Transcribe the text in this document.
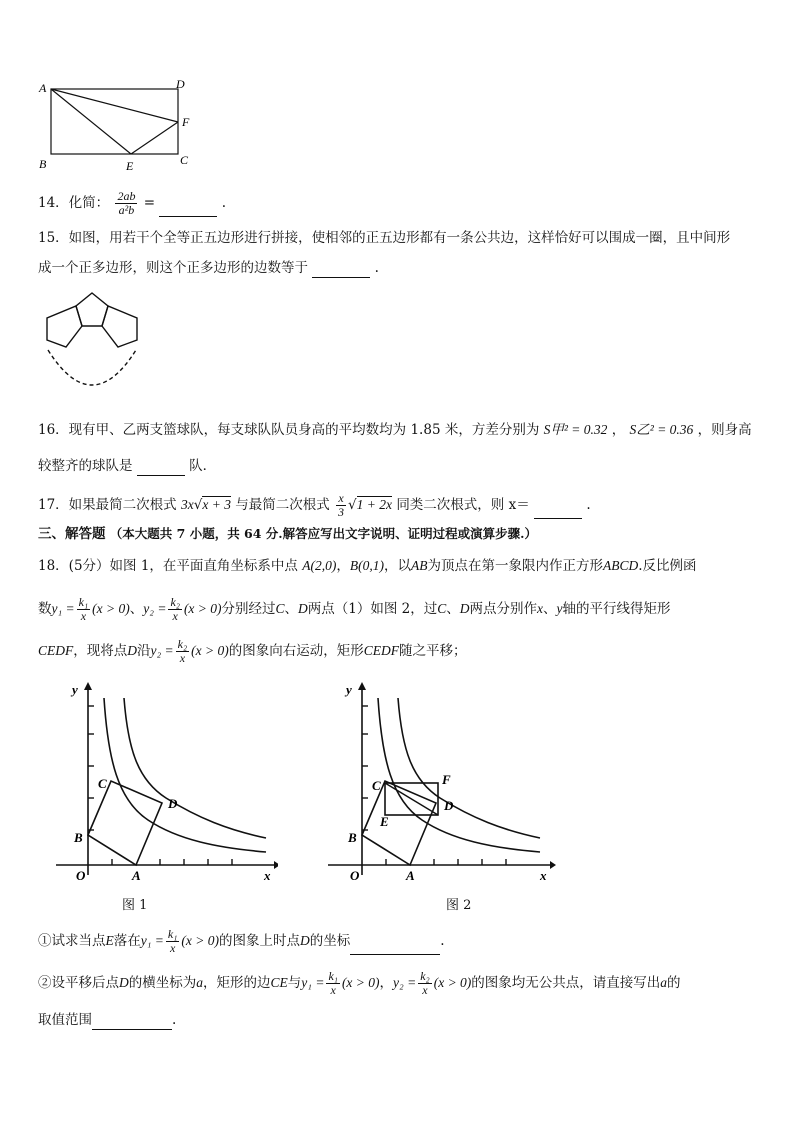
A	D
F
B	E	C
14．化简： $\frac{2ab}{\text{a²b}}$ =	.
15．如图，用若干个全等正五边形进行拼接，使相邻的正五边形都有一条公共边，这样恰好可以围成一圈，且中间形
成一个正多边形，则这个正多边形的边数等于	.
16．现有甲、乙两支篮球队，每支球队队员身高的平均数均为 1.85 米，方差分别为 S甲² = 0.32 ， S乙² = 0.36 ，则身高
较整齐的球队是	队．
17．如果最简二次根式 3x√x + 3 与最简二次根式 $\frac{x}{3} √1 + 2x$ 同类二次根式，则 x＝	.
三、解答题 （本大题共 7 小题，共 64 分.解答应写出文字说明、证明过程或演算步骤.）
18．(5分）如图 1，在平面直角坐标系中点 A(2,0)，B(0,1)，以AB为顶点在第一象限内作正方形ABCD.反比例函
数$y_1 = \frac{\text{k₁}}{x} (x > 0)$、$y_2 = \frac{\text{k₂}}{x} (x > 0)$分别经过C、D两点（1）如图 2，过C、D两点分别作x、y轴的平行线得矩形
CEDF，现将点D沿$y_2 = \frac{\text{k₂}}{x} (x > 0)$的图象向右运动，矩形CEDF随之平移；
y
x
O	A
B
C
D
图 1
y
x
O	A
B
C
E
F
D
图 2
①试求当点E落在$y_1 = \frac{\text{k₁}}{x} (x > 0)$的图象上时点D的坐标	.
②设平移后点D的横坐标为a，矩形的边CE与$y_1 = \frac{\text{k₁}}{x} (x > 0)$，$y_2 = \frac{\text{k₂}}{x} (x > 0)$的图象均无公共点，请直接写出a的
取值范围	.
